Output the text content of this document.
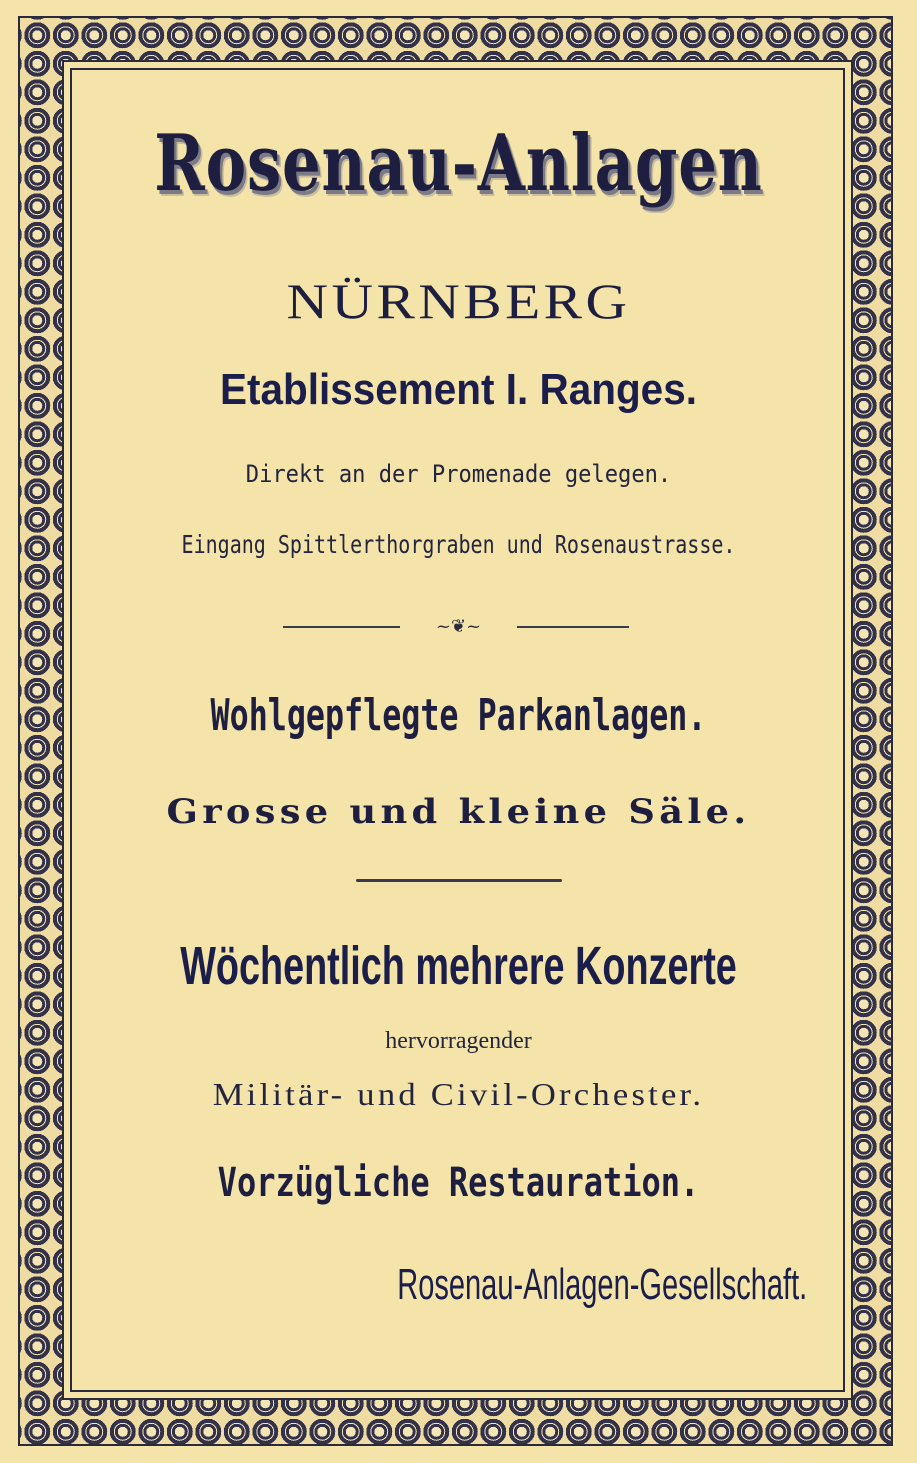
Rosenau-Anlagen
NÜRNBERG
Etablissement I. Ranges.
Direkt an der Promenade gelegen.
Eingang Spittlerthorgraben und Rosenaustrasse.
~❦~
Wohlgepflegte Parkanlagen.
Grosse und kleine Säle.
Wöchentlich mehrere Konzerte
hervorragender
Militär- und Civil-Orchester.
Vorzügliche Restauration.
Rosenau-Anlagen-Gesellschaft.
